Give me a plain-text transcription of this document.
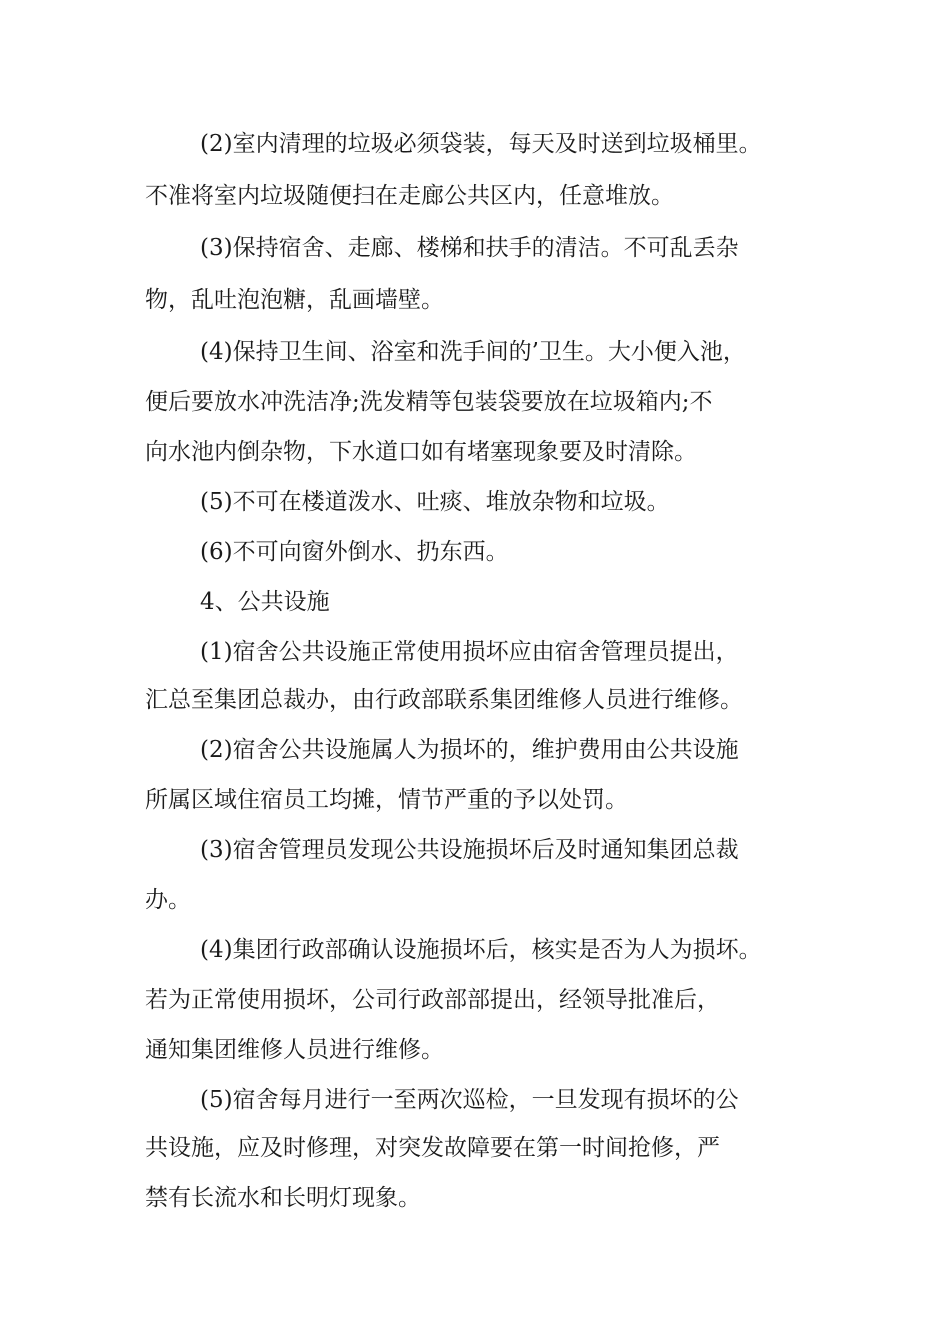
(2)室内清理的垃圾必须袋装，每天及时送到垃圾桶里。
不准将室内垃圾随便扫在走廊公共区内，任意堆放。
(3)保持宿舍、走廊、楼梯和扶手的清洁。不可乱丢杂
物，乱吐泡泡糖，乱画墙壁。
(4)保持卫生间、浴室和洗手间的’卫生。大小便入池，
便后要放水冲洗洁净;洗发精等包装袋要放在垃圾箱内;不
向水池内倒杂物，下水道口如有堵塞现象要及时清除。
(5)不可在楼道泼水、吐痰、堆放杂物和垃圾。
(6)不可向窗外倒水、扔东西。
4、公共设施
(1)宿舍公共设施正常使用损坏应由宿舍管理员提出，
汇总至集团总裁办，由行政部联系集团维修人员进行维修。
(2)宿舍公共设施属人为损坏的，维护费用由公共设施
所属区域住宿员工均摊，情节严重的予以处罚。
(3)宿舍管理员发现公共设施损坏后及时通知集团总裁
办。
(4)集团行政部确认设施损坏后，核实是否为人为损坏。
若为正常使用损坏，公司行政部部提出，经领导批准后，
通知集团维修人员进行维修。
(5)宿舍每月进行一至两次巡检，一旦发现有损坏的公
共设施，应及时修理，对突发故障要在第一时间抢修，严
禁有长流水和长明灯现象。
